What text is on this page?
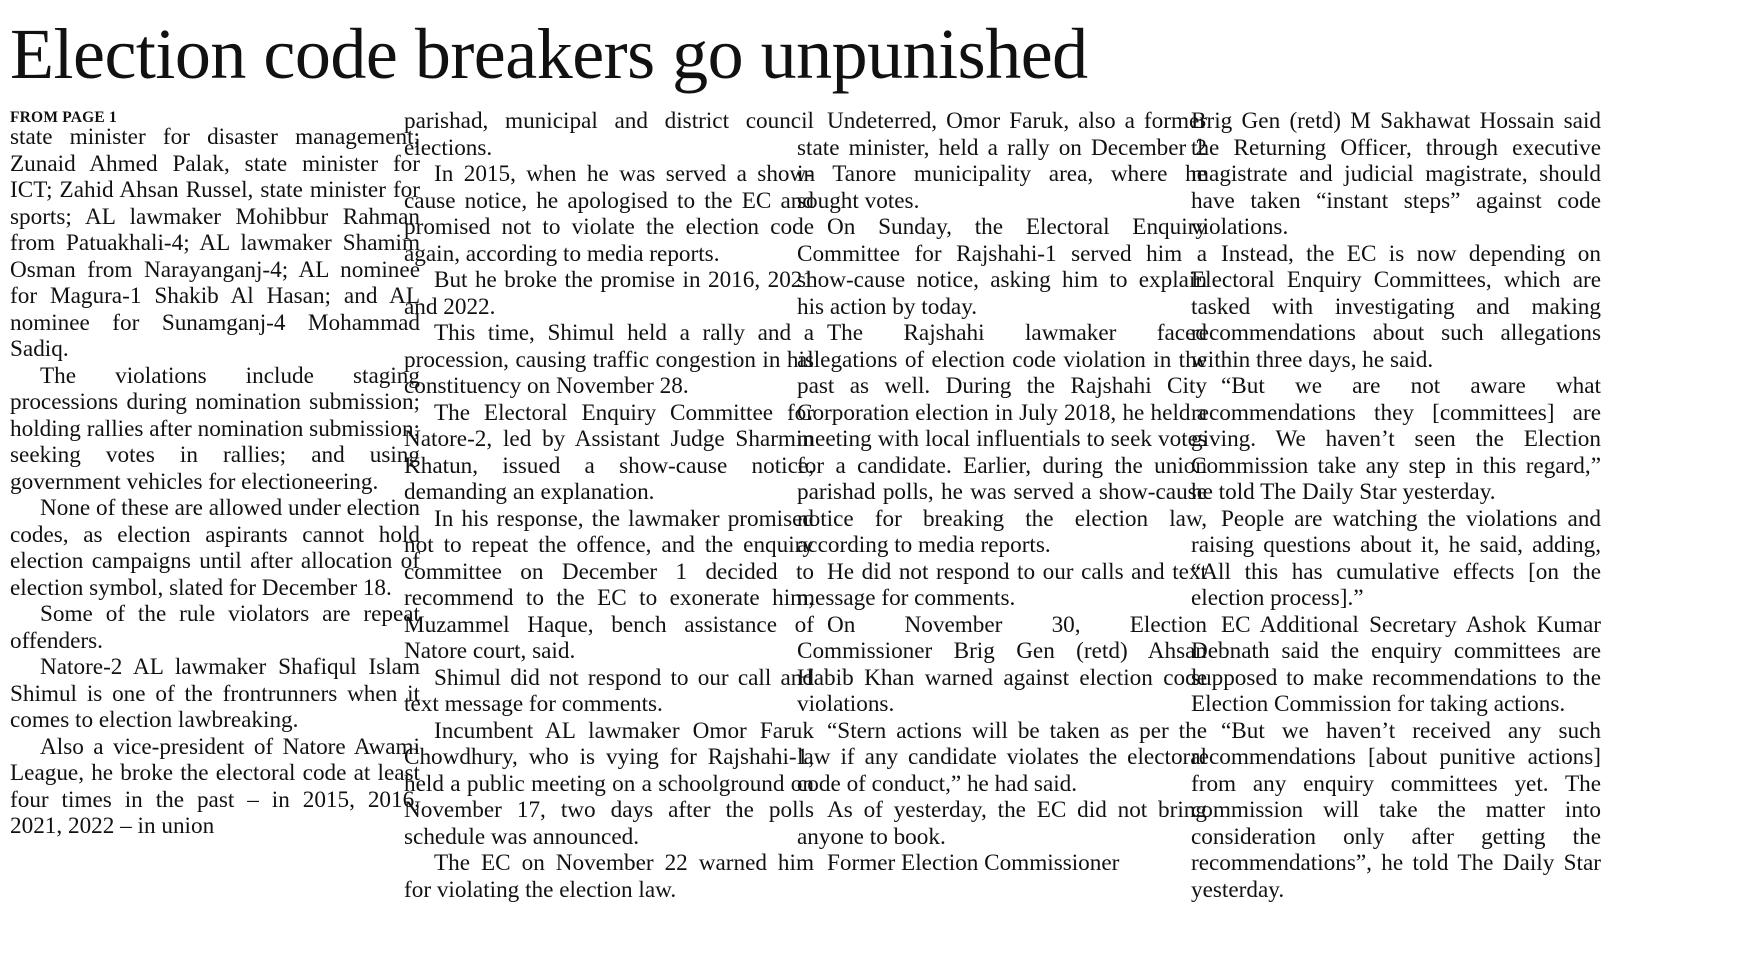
Election code breakers go unpunished
FROM PAGE 1

state minister for disaster management; Zunaid Ahmed Palak, state minister for ICT; Zahid Ahsan Russel, state minister for sports; AL lawmaker Mohibbur Rahman from Patuakhali-4; AL lawmaker Shamim Osman from Narayanganj-4; AL nominee for Magura-1 Shakib Al Hasan; and AL nominee for Sunamganj-4 Mohammad Sadiq.

The violations include staging processions during nomination submission; holding rallies after nomination submission; seeking votes in rallies; and using government vehicles for electioneering.

None of these are allowed under election codes, as election aspirants cannot hold election campaigns until after allocation of election symbol, slated for December 18.

Some of the rule violators are repeat offenders.

Natore-2 AL lawmaker Shafiqul Islam Shimul is one of the frontrunners when it comes to election lawbreaking.

Also a vice-president of Natore Awami League, he broke the electoral code at least four times in the past – in 2015, 2016, 2021, 2022 – in union

parishad, municipal and district council elections.

In 2015, when he was served a show-cause notice, he apologised to the EC and promised not to violate the election code again, according to media reports.

But he broke the promise in 2016, 2021 and 2022.

This time, Shimul held a rally and a procession, causing traffic congestion in his constituency on November 28.

The Electoral Enquiry Committee for Natore-2, led by Assistant Judge Sharmin Khatun, issued a show-cause notice, demanding an explanation.

In his response, the lawmaker promised not to repeat the offence, and the enquiry committee on December 1 decided to recommend to the EC to exonerate him, Muzammel Haque, bench assistance of Natore court, said.

Shimul did not respond to our call and text message for comments.

Incumbent AL lawmaker Omor Faruk Chowdhury, who is vying for Rajshahi-1, held a public meeting on a schoolground on November 17, two days after the polls schedule was announced.

The EC on November 22 warned him for violating the election law.

Undeterred, Omor Faruk, also a former state minister, held a rally on December 2 in Tanore municipality area, where he sought votes.

On Sunday, the Electoral Enquiry Committee for Rajshahi-1 served him a show-cause notice, asking him to explain his action by today.

The Rajshahi lawmaker faced allegations of election code violation in the past as well. During the Rajshahi City Corporation election in July 2018, he held a meeting with local influentials to seek votes for a candidate. Earlier, during the union parishad polls, he was served a show-cause notice for breaking the election law, according to media reports.

He did not respond to our calls and text message for comments.

On November 30, Election Commissioner Brig Gen (retd) Ahsan Habib Khan warned against election code violations.

“Stern actions will be taken as per the law if any candidate violates the electoral code of conduct,” he had said.

As of yesterday, the EC did not bring anyone to book.

Former Election Commissioner

Brig Gen (retd) M Sakhawat Hossain said the Returning Officer, through executive magistrate and judicial magistrate, should have taken “instant steps” against code violations.

Instead, the EC is now depending on Electoral Enquiry Committees, which are tasked with investigating and making recommendations about such allegations within three days, he said.

“But we are not aware what recommendations they [committees] are giving. We haven’t seen the Election Commission take any step in this regard,” he told The Daily Star yesterday.

People are watching the violations and raising questions about it, he said, adding, “All this has cumulative effects [on the election process].”

EC Additional Secretary Ashok Kumar Debnath said the enquiry committees are supposed to make recommendations to the Election Commission for taking actions.

“But we haven’t received any such recommendations [about punitive actions] from any enquiry committees yet. The commission will take the matter into consideration only after getting the recommendations”, he told The Daily Star yesterday.
